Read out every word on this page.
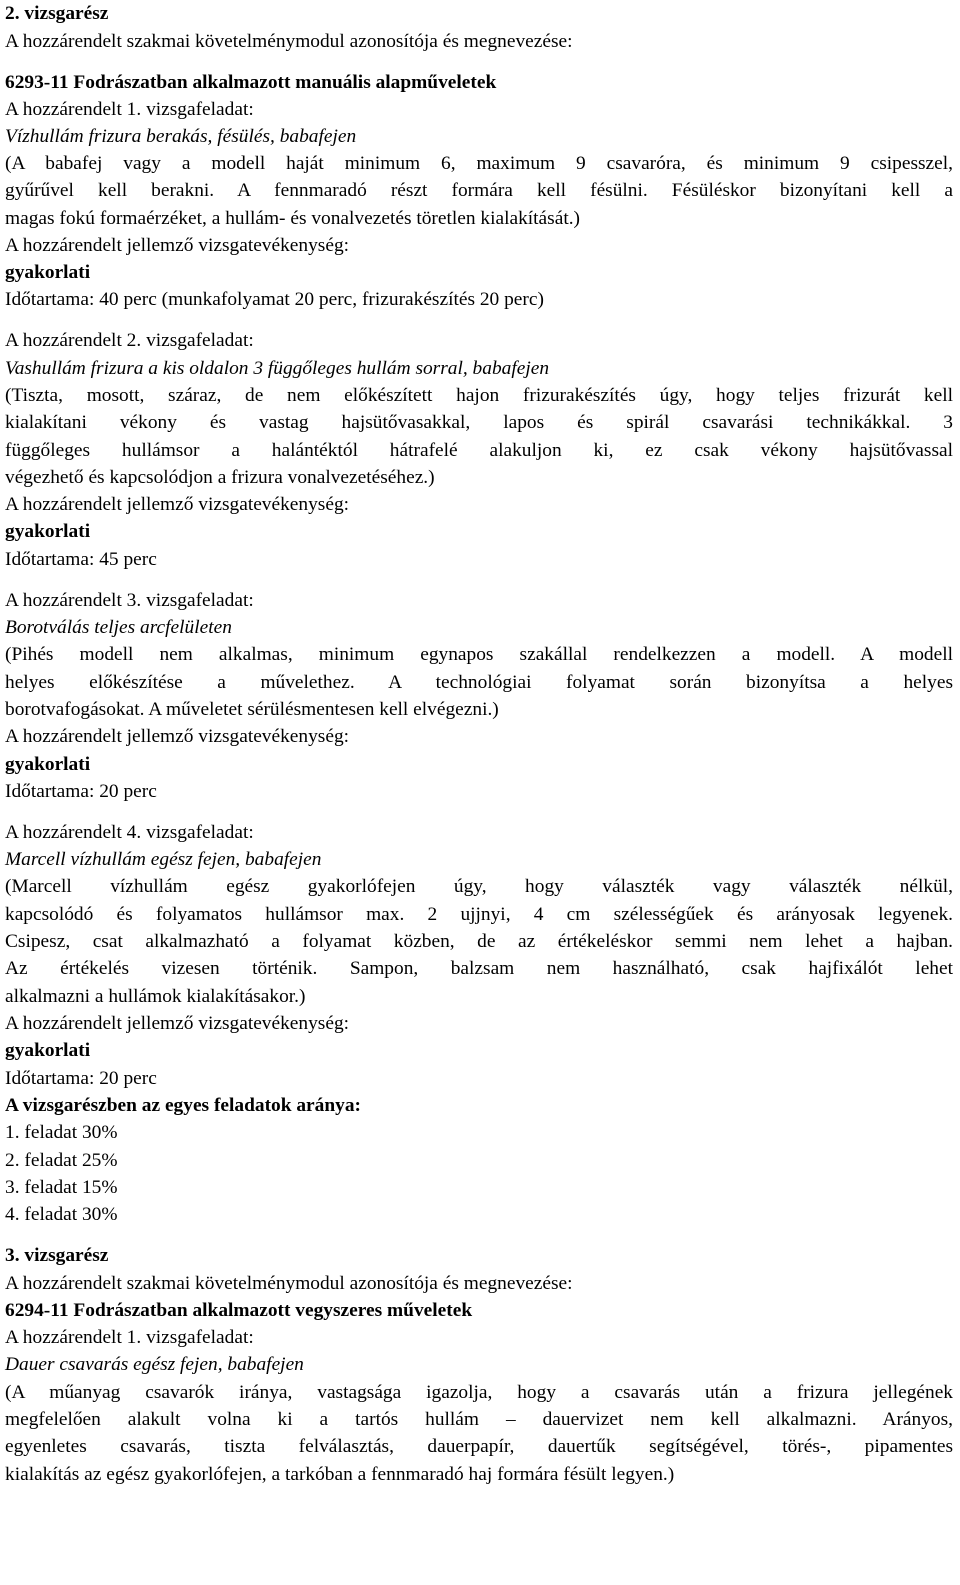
2. vizsgarész
A hozzárendelt szakmai követelménymodul azonosítója és megnevezése:
6293-11 Fodrászatban alkalmazott manuális alapműveletek
A hozzárendelt 1. vizsgafeladat:
Vízhullám frizura berakás, fésülés, babafejen
(A babafej vagy a modell haját minimum 6, maximum 9 csavaróra, és minimum 9 csipesszel,
gyűrűvel kell berakni. A fennmaradó részt formára kell fésülni. Fésüléskor bizonyítani kell a
magas fokú formaérzéket, a hullám- és vonalvezetés töretlen kialakítását.)
A hozzárendelt jellemző vizsgatevékenység:
gyakorlati
Időtartama: 40 perc (munkafolyamat 20 perc, frizurakészítés 20 perc)
A hozzárendelt 2. vizsgafeladat:
Vashullám frizura a kis oldalon 3 függőleges hullám sorral, babafejen
(Tiszta, mosott, száraz, de nem előkészített hajon frizurakészítés úgy, hogy teljes frizurát kell
kialakítani vékony és vastag hajsütővasakkal, lapos és spirál csavarási technikákkal. 3
függőleges hullámsor a halántéktól hátrafelé alakuljon ki, ez csak vékony hajsütővassal
végezhető és kapcsolódjon a frizura vonalvezetéséhez.)
A hozzárendelt jellemző vizsgatevékenység:
gyakorlati
Időtartama: 45 perc
A hozzárendelt 3. vizsgafeladat:
Borotválás teljes arcfelületen
(Pihés modell nem alkalmas, minimum egynapos szakállal rendelkezzen a modell. A modell
helyes előkészítése a művelethez. A technológiai folyamat során bizonyítsa a helyes
borotvafogásokat. A műveletet sérülésmentesen kell elvégezni.)
A hozzárendelt jellemző vizsgatevékenység:
gyakorlati
Időtartama: 20 perc
A hozzárendelt 4. vizsgafeladat:
Marcell vízhullám egész fejen, babafejen
(Marcell vízhullám egész gyakorlófejen úgy, hogy választék vagy választék nélkül,
kapcsolódó és folyamatos hullámsor max. 2 ujjnyi, 4 cm szélességűek és arányosak legyenek.
Csipesz, csat alkalmazható a folyamat közben, de az értékeléskor semmi nem lehet a hajban.
Az értékelés vizesen történik. Sampon, balzsam nem használható, csak hajfixálót lehet
alkalmazni a hullámok kialakításakor.)
A hozzárendelt jellemző vizsgatevékenység:
gyakorlati
Időtartama: 20 perc
A vizsgarészben az egyes feladatok aránya:
1. feladat 30%
2. feladat 25%
3. feladat 15%
4. feladat 30%
3. vizsgarész
A hozzárendelt szakmai követelménymodul azonosítója és megnevezése:
6294-11 Fodrászatban alkalmazott vegyszeres műveletek
A hozzárendelt 1. vizsgafeladat:
Dauer csavarás egész fejen, babafejen
(A műanyag csavarók iránya, vastagsága igazolja, hogy a csavarás után a frizura jellegének
megfelelően alakult volna ki a tartós hullám – dauervizet nem kell alkalmazni. Arányos,
egyenletes csavarás, tiszta felválasztás, dauerpapír, dauertűk segítségével, törés-, pipamentes
kialakítás az egész gyakorlófejen, a tarkóban a fennmaradó haj formára fésült legyen.)
